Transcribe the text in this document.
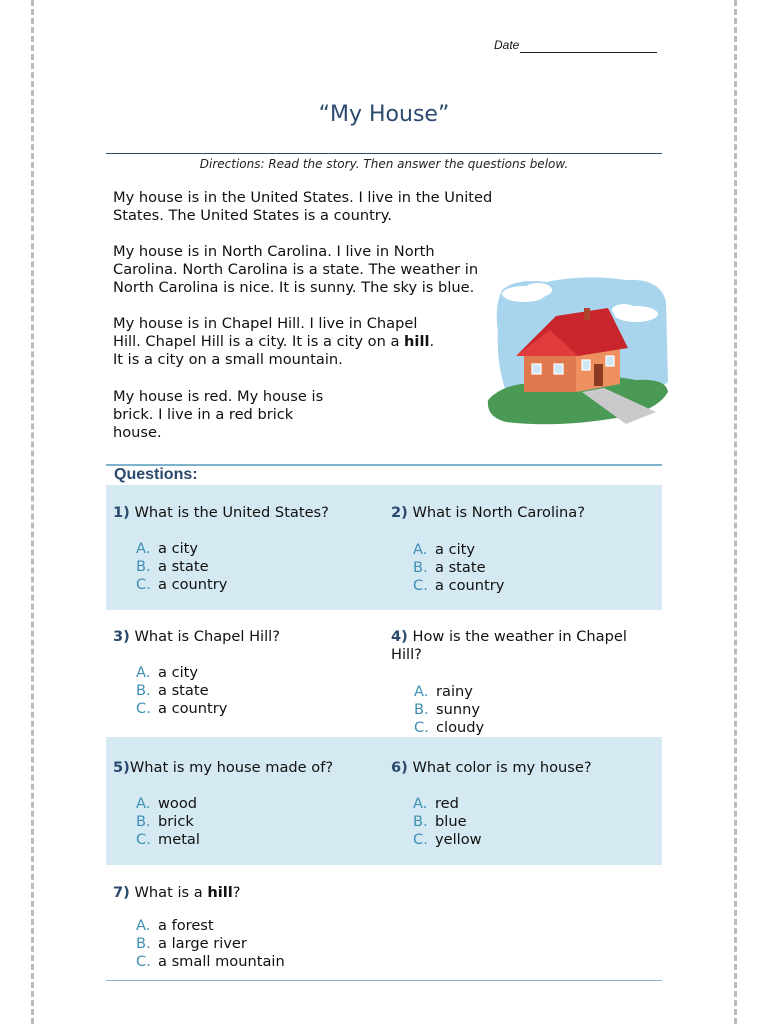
Date
“My House”
Directions: Read the story. Then answer the questions below.

My house is in the United States. I live in the United States. The United States is a country.

My house is in North Carolina. I live in North Carolina. North Carolina is a state. The weather in North Carolina is nice. It is sunny. The sky is blue.

My house is in Chapel Hill. I live in Chapel Hill. Chapel Hill is a city. It is a city on a hill. It is a city on a small mountain.

My house is red. My house is brick. I live in a red brick house.

Questions:
1) What is the United States?
A. a city
B. a state
C. a country
2) What is North Carolina?
A. a city
B. a state
C. a country
3) What is Chapel Hill?
A. a city
B. a state
C. a country
4) How is the weather in Chapel Hill?
A. rainy
B. sunny
C. cloudy
5)What is my house made of?
A. wood
B. brick
C. metal
6) What color is my house?
A. red
B. blue
C. yellow
7) What is a hill?
A. a forest
B. a large river
C. a small mountain
